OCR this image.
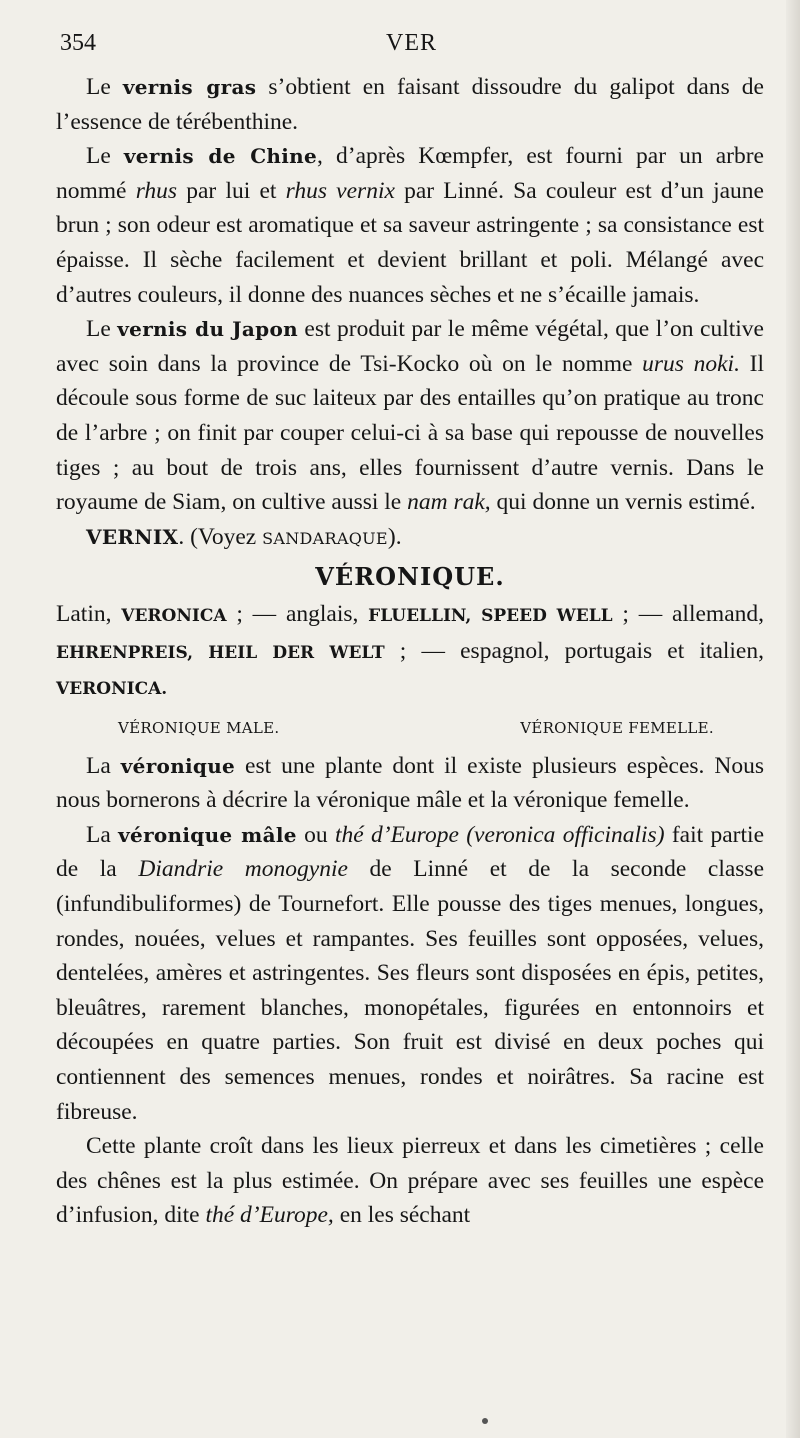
354	VER

Le vernis gras s’obtient en faisant dissoudre du galipot dans de l’essence de térébenthine.

Le vernis de Chine, d’après Kœmpfer, est fourni par un arbre nommé rhus par lui et rhus vernix par Linné. Sa couleur est d’un jaune brun ; son odeur est aromatique et sa saveur astringente ; sa consistance est épaisse. Il sèche facilement et devient brillant et poli. Mélangé avec d’autres couleurs, il donne des nuances sèches et ne s’écaille jamais.

Le vernis du Japon est produit par le même végétal, que l’on cultive avec soin dans la province de Tsi-Kocko où on le nomme urus noki. Il découle sous forme de suc laiteux par des entailles qu’on pratique au tronc de l’arbre ; on finit par couper celui-ci à sa base qui repousse de nouvelles tiges ; au bout de trois ans, elles fournissent d’autre vernis. Dans le royaume de Siam, on cultive aussi le nam rak, qui donne un vernis estimé.

VERNIX. (Voyez SANDARAQUE).

VÉRONIQUE.

Latin, VERONICA ; — anglais, FLUELLIN, SPEED WELL ; — allemand, EHRENPREIS, HEIL DER WELT ; — espagnol, portugais et italien, VERONICA.

VÉRONIQUE MALE.	VÉRONIQUE FEMELLE.

La véronique est une plante dont il existe plusieurs espèces. Nous nous bornerons à décrire la véronique mâle et la véronique femelle.

La véronique mâle ou thé d’Europe (veronica officinalis) fait partie de la Diandrie monogynie de Linné et de la seconde classe (infundibuliformes) de Tournefort. Elle pousse des tiges menues, longues, rondes, nouées, velues et rampantes. Ses feuilles sont opposées, velues, dentelées, amères et astringentes. Ses fleurs sont disposées en épis, petites, bleuâtres, rarement blanches, monopétales, figurées en entonnoirs et découpées en quatre parties. Son fruit est divisé en deux poches qui contiennent des semences menues, rondes et noirâtres. Sa racine est fibreuse.

Cette plante croît dans les lieux pierreux et dans les cimetières ; celle des chênes est la plus estimée. On prépare avec ses feuilles une espèce d’infusion, dite thé d’Europe, en les séchant
